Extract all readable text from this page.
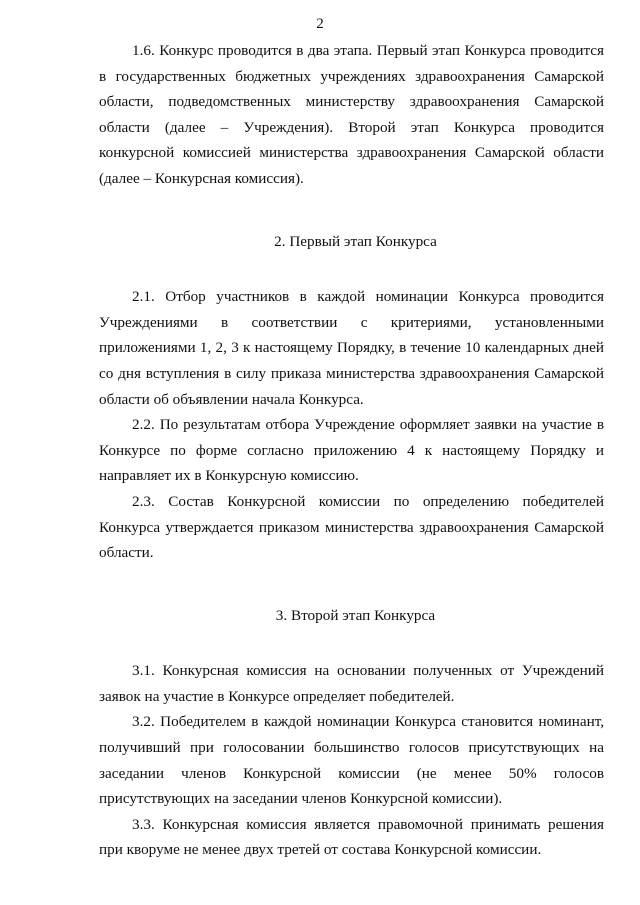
2

1.6. Конкурс проводится в два этапа. Первый этап Конкурса проводится в государственных бюджетных учреждениях здравоохранения Самарской области, подведомственных министерству здравоохранения Самарской области (далее – Учреждения). Второй этап Конкурса проводится конкурсной комиссией министерства здравоохранения Самарской области (далее – Конкурсная комиссия).

2. Первый этап Конкурса

2.1. Отбор участников в каждой номинации Конкурса проводится Учреждениями в соответствии с критериями, установленными приложениями 1, 2, 3 к настоящему Порядку, в течение 10 календарных дней со дня вступления в силу приказа министерства здравоохранения Самарской области об объявлении начала Конкурса.

2.2. По результатам отбора Учреждение оформляет заявки на участие в Конкурсе по форме согласно приложению 4 к настоящему Порядку и направляет их в Конкурсную комиссию.

2.3. Состав Конкурсной комиссии по определению победителей Конкурса утверждается приказом министерства здравоохранения Самарской области.

3. Второй этап Конкурса

3.1. Конкурсная комиссия на основании полученных от Учреждений заявок на участие в Конкурсе определяет победителей.

3.2. Победителем в каждой номинации Конкурса становится номинант, получивший при голосовании большинство голосов присутствующих на заседании членов Конкурсной комиссии (не менее 50% голосов присутствующих на заседании членов Конкурсной комиссии).

3.3. Конкурсная комиссия является правомочной принимать решения при кворуме не менее двух третей от состава Конкурсной комиссии.
